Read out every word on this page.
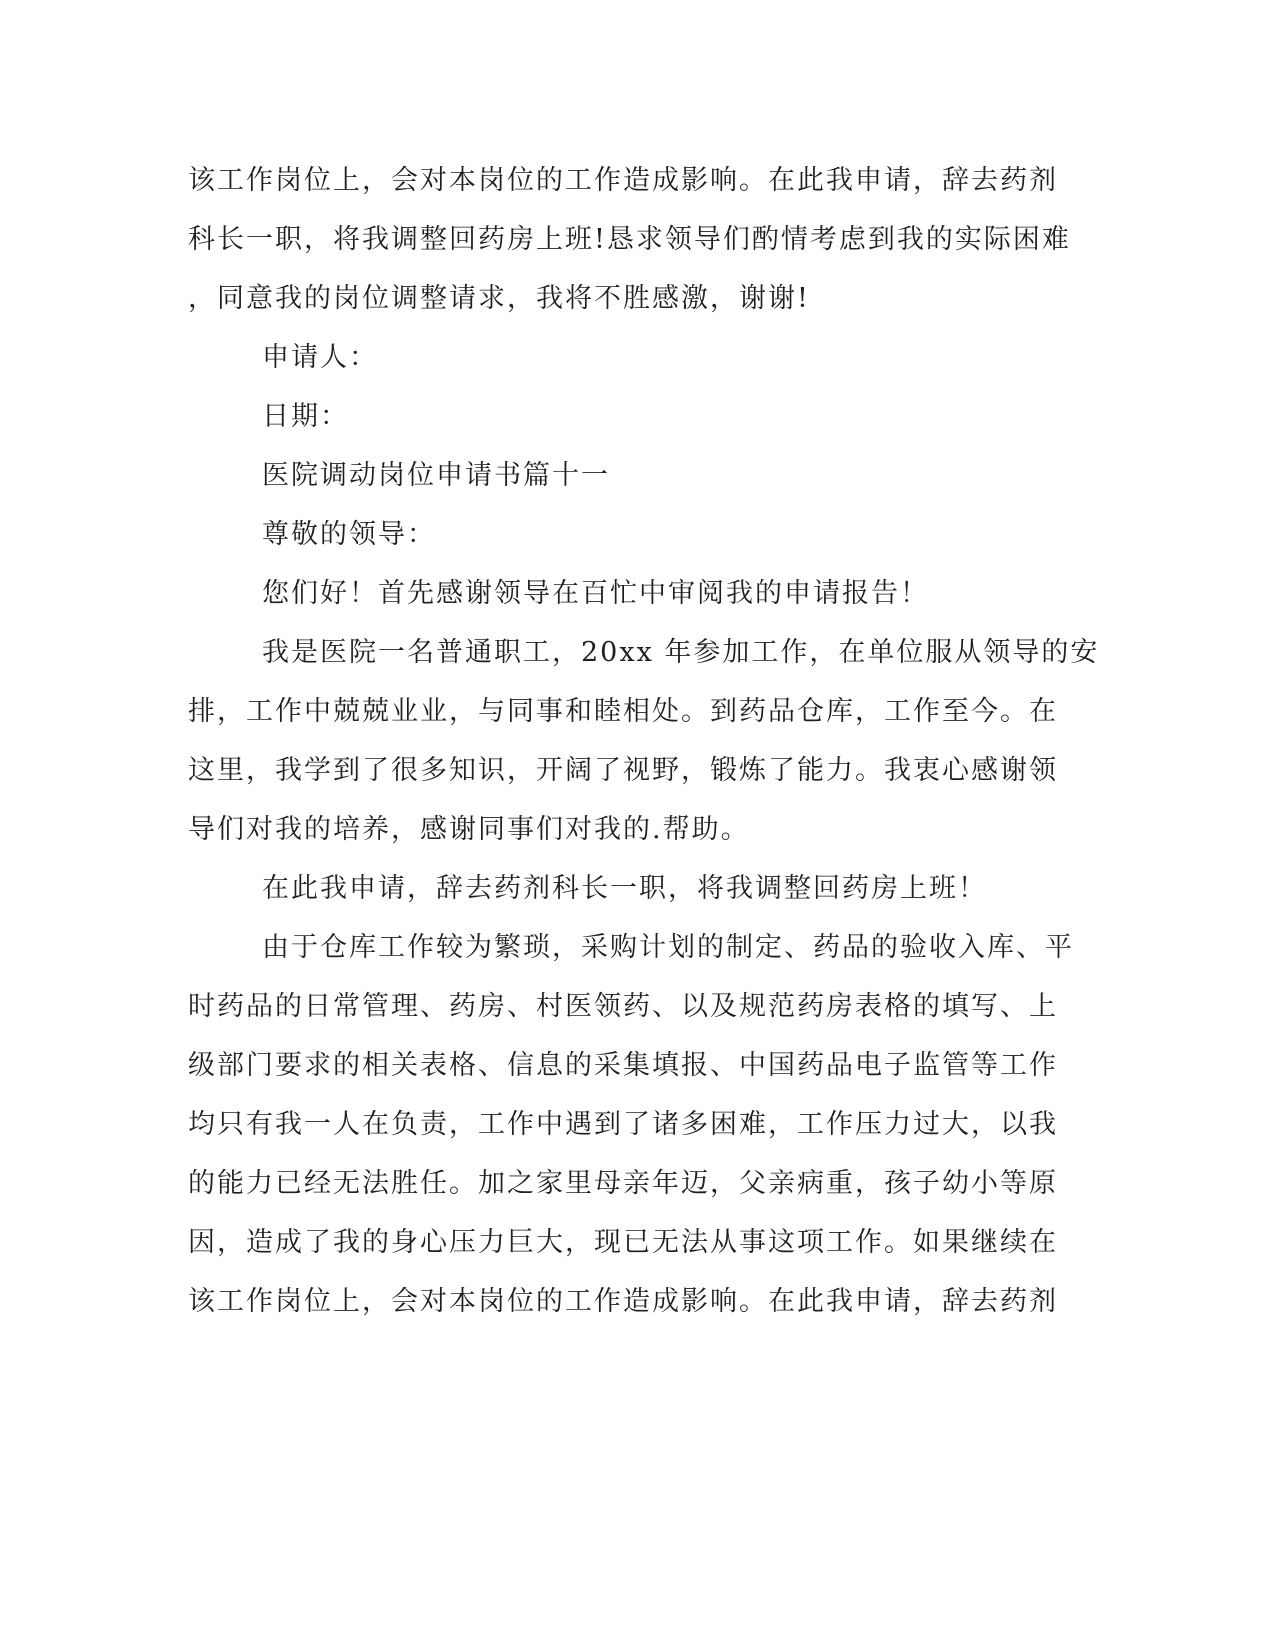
该工作岗位上，会对本岗位的工作造成影响。在此我申请，辞去药剂

科长一职，将我调整回药房上班!恳求领导们酌情考虑到我的实际困难

，同意我的岗位调整请求，我将不胜感激，谢谢!

申请人：

日期：

医院调动岗位申请书篇十一

尊敬的领导：

您们好！首先感谢领导在百忙中审阅我的申请报告！

我是医院一名普通职工，20xx 年参加工作，在单位服从领导的安

排，工作中兢兢业业，与同事和睦相处。到药品仓库，工作至今。在

这里，我学到了很多知识，开阔了视野，锻炼了能力。我衷心感谢领

导们对我的培养，感谢同事们对我的.帮助。

在此我申请，辞去药剂科长一职，将我调整回药房上班！

由于仓库工作较为繁琐，采购计划的制定、药品的验收入库、平

时药品的日常管理、药房、村医领药、以及规范药房表格的填写、上

级部门要求的相关表格、信息的采集填报、中国药品电子监管等工作

均只有我一人在负责，工作中遇到了诸多困难，工作压力过大，以我

的能力已经无法胜任。加之家里母亲年迈，父亲病重，孩子幼小等原

因，造成了我的身心压力巨大，现已无法从事这项工作。如果继续在

该工作岗位上，会对本岗位的工作造成影响。在此我申请，辞去药剂
